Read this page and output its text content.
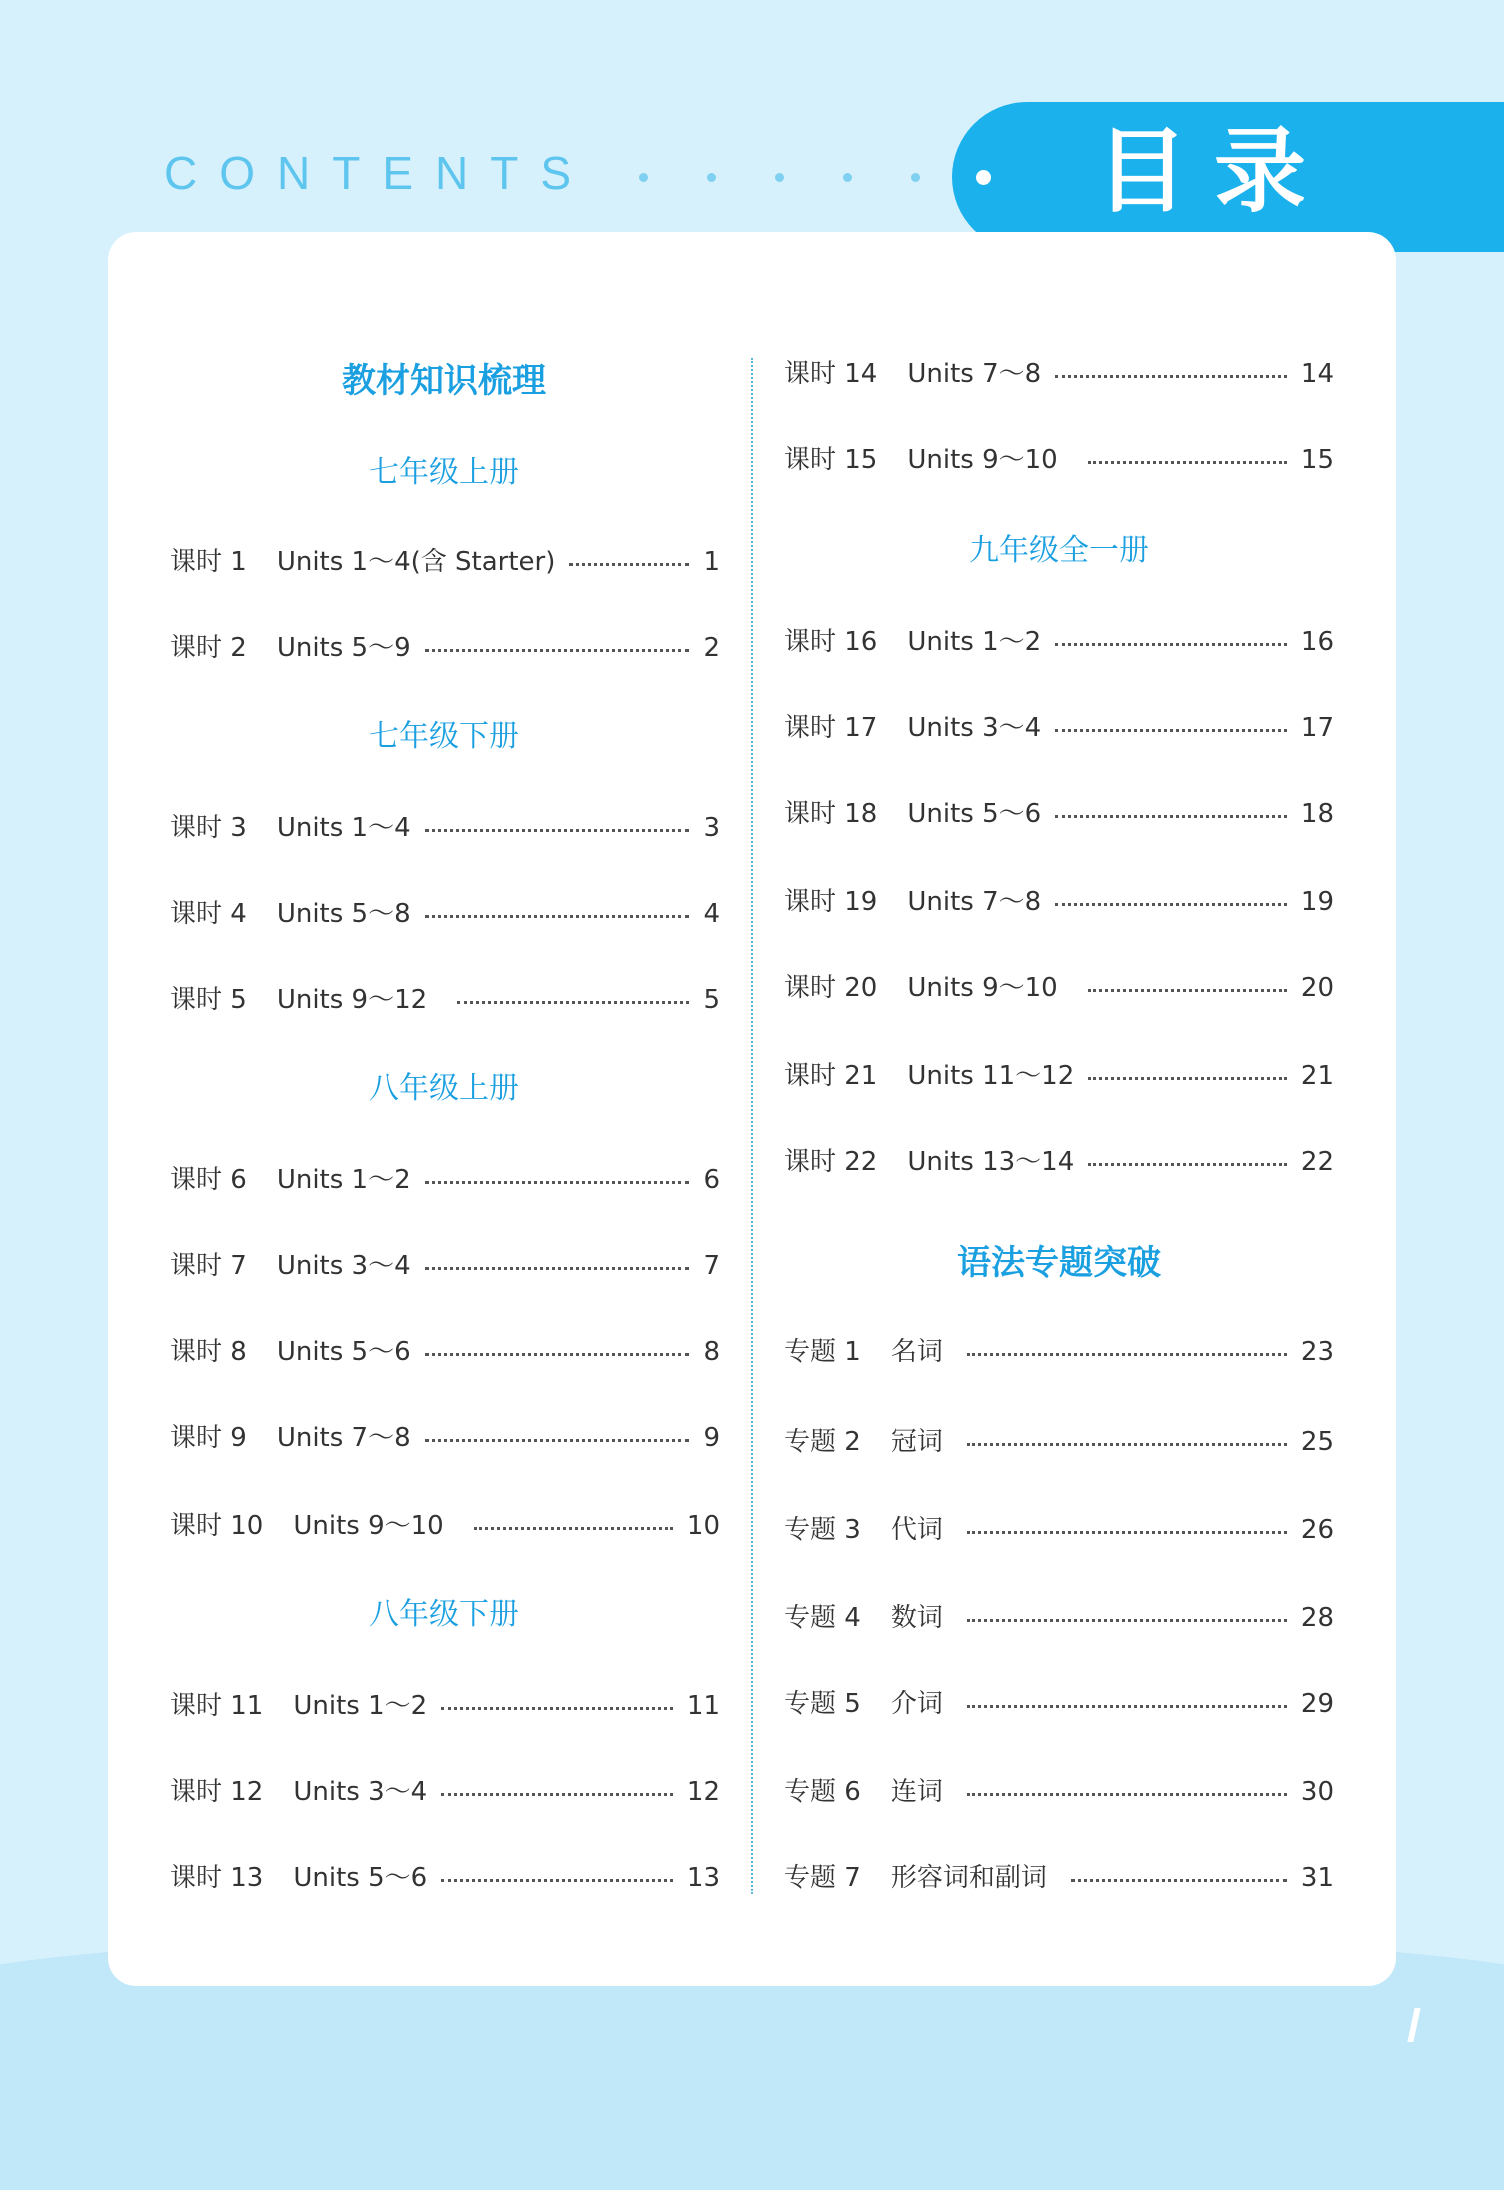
CONTENTS	目录
教材知识梳理
七年级上册
课时 1 Units 1～4(含 Starter)	1
课时 2 Units 5～9	2
七年级下册
课时 3 Units 1～4	3
课时 4 Units 5～8	4
课时 5 Units 9～12	5
八年级上册
课时 6 Units 1～2	6
课时 7 Units 3～4	7
课时 8 Units 5～6	8
课时 9 Units 7～8	9
课时 10 Units 9～10	10
八年级下册
课时 11 Units 1～2	11
课时 12 Units 3～4	12
课时 13 Units 5～6	13
课时 14 Units 7～8	14
课时 15 Units 9～10	15
九年级全一册
课时 16 Units 1～2	16
课时 17 Units 3～4	17
课时 18 Units 5～6	18
课时 19 Units 7～8	19
课时 20 Units 9～10	20
课时 21 Units 11～12	21
课时 22 Units 13～14	22
语法专题突破
专题 1 名词	23
专题 2 冠词	25
专题 3 代词	26
专题 4 数词	28
专题 5 介词	29
专题 6 连词	30
专题 7 形容词和副词	31
